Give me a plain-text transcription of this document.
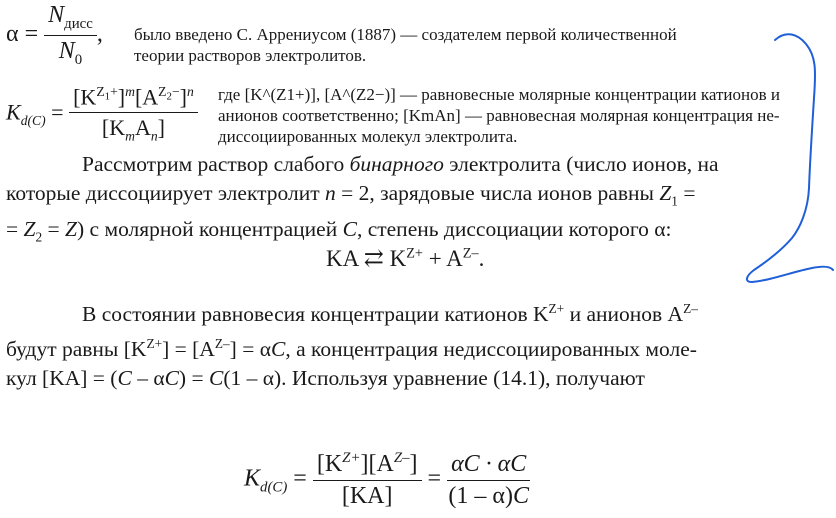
$\alpha = \frac{N_{дисс}}{N_0}$ , было введено С. Аррениусом (1887) — создателем первой количественной
теории растворов электролитов.
$K_{d(C)} = \frac{[K^{Z_1+}]^m[A^{Z_2-}]^n}{[K_mA_n]}$ где [K^(Z1+)], [A^(Z2−)] — равновесные молярные концентрации катионов и
анионов соответственно; [KmAn] — равновесная молярная концентрация не-
диссоциированных молекул электролита.
Рассмотрим раствор слабого бинарного электролита (число ионов, на
которые диссоциирует электролит n = 2, зарядовые числа ионов равны $Z_1$ =
= $Z_2 = Z$) с молярной концентрацией C, степень диссоциации которого α:
KA ⇄ $K^{Z+} + A^{Z-}$.
В состоянии равновесия концентрации катионов $K^{Z+}$ и анионов $A^{Z-}$
будут равны $[K^{Z+}] = [A^{Z-}] = \alpha C$, а концентрация недиссоциированных моле-
кул [KA] = (C – αC) = C(1 – α). Используя уравнение (14.1), получают
$K_{d(C)} = \frac{[K^{Z+}][A^{Z-}]}{[KA]} = \frac{\alpha C \cdot \alpha C}{(1 - \alpha)C}$
